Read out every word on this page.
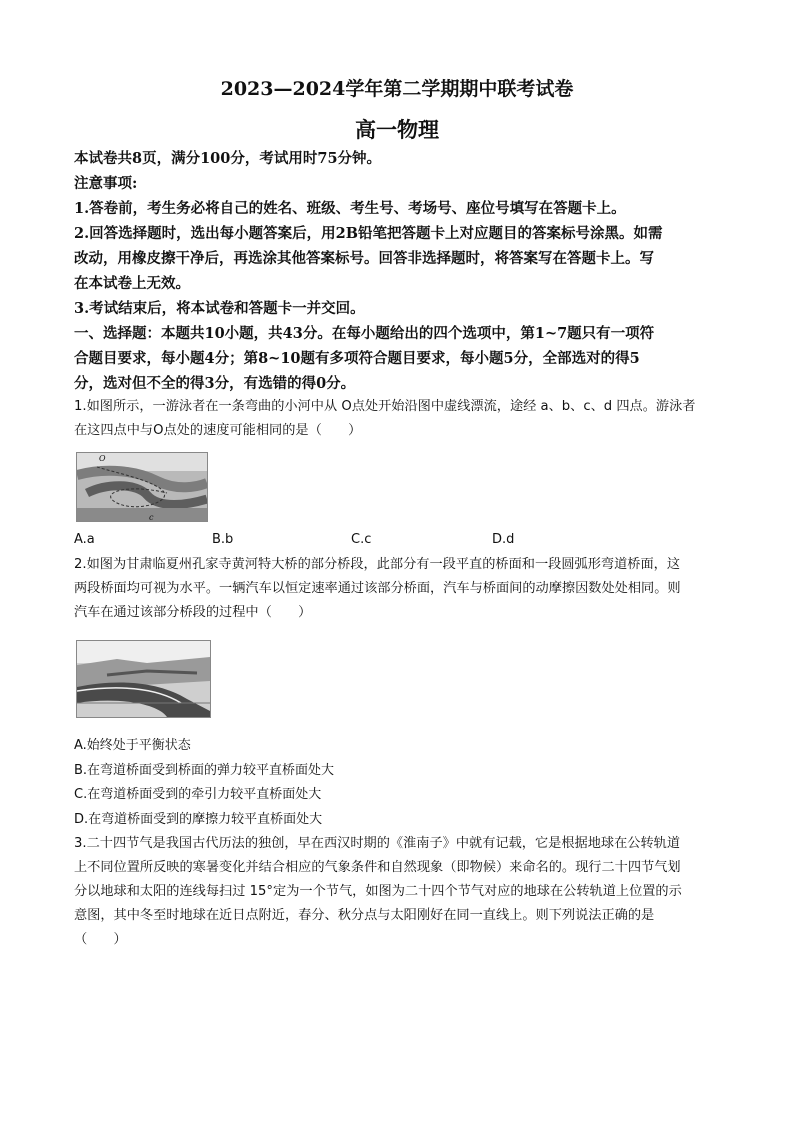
2023—2024学年第二学期期中联考试卷
高一物理
本试卷共8页，满分100分，考试用时75分钟。
注意事项:
1.答卷前，考生务必将自己的姓名、班级、考生号、考场号、座位号填写在答题卡上。
2.回答选择题时，选出每小题答案后，用2B铅笔把答题卡上对应题目的答案标号涂黑。如需
改动，用橡皮擦干净后，再选涂其他答案标号。回答非选择题时，将答案写在答题卡上。写
在本试卷上无效。
3.考试结束后，将本试卷和答题卡一并交回。
一、选择题：本题共10小题，共43分。在每小题给出的四个选项中，第1~7题只有一项符
合题目要求，每小题4分；第8~10题有多项符合题目要求，每小题5分，全部选对的得5
分，选对但不全的得3分，有选错的得0分。
1.如图所示，一游泳者在一条弯曲的小河中从 O点处开始沿图中虚线漂流，途经 a、b、c、d 四点。游泳者
在这四点中与O点处的速度可能相同的是（　　）
O
c
A.a	B.b	C.c	D.d
2.如图为甘肃临夏州孔家寺黄河特大桥的部分桥段，此部分有一段平直的桥面和一段圆弧形弯道桥面，这
两段桥面均可视为水平。一辆汽车以恒定速率通过该部分桥面，汽车与桥面间的动摩擦因数处处相同。则
汽车在通过该部分桥段的过程中（　　）
A.始终处于平衡状态
B.在弯道桥面受到桥面的弹力较平直桥面处大
C.在弯道桥面受到的牵引力较平直桥面处大
D.在弯道桥面受到的摩擦力较平直桥面处大
3.二十四节气是我国古代历法的独创，早在西汉时期的《淮南子》中就有记载，它是根据地球在公转轨道
上不同位置所反映的寒暑变化并结合相应的气象条件和自然现象（即物候）来命名的。现行二十四节气划
分以地球和太阳的连线每扫过 15°定为一个节气，如图为二十四个节气对应的地球在公转轨道上位置的示
意图，其中冬至时地球在近日点附近，春分、秋分点与太阳刚好在同一直线上。则下列说法正确的是
（　　）
